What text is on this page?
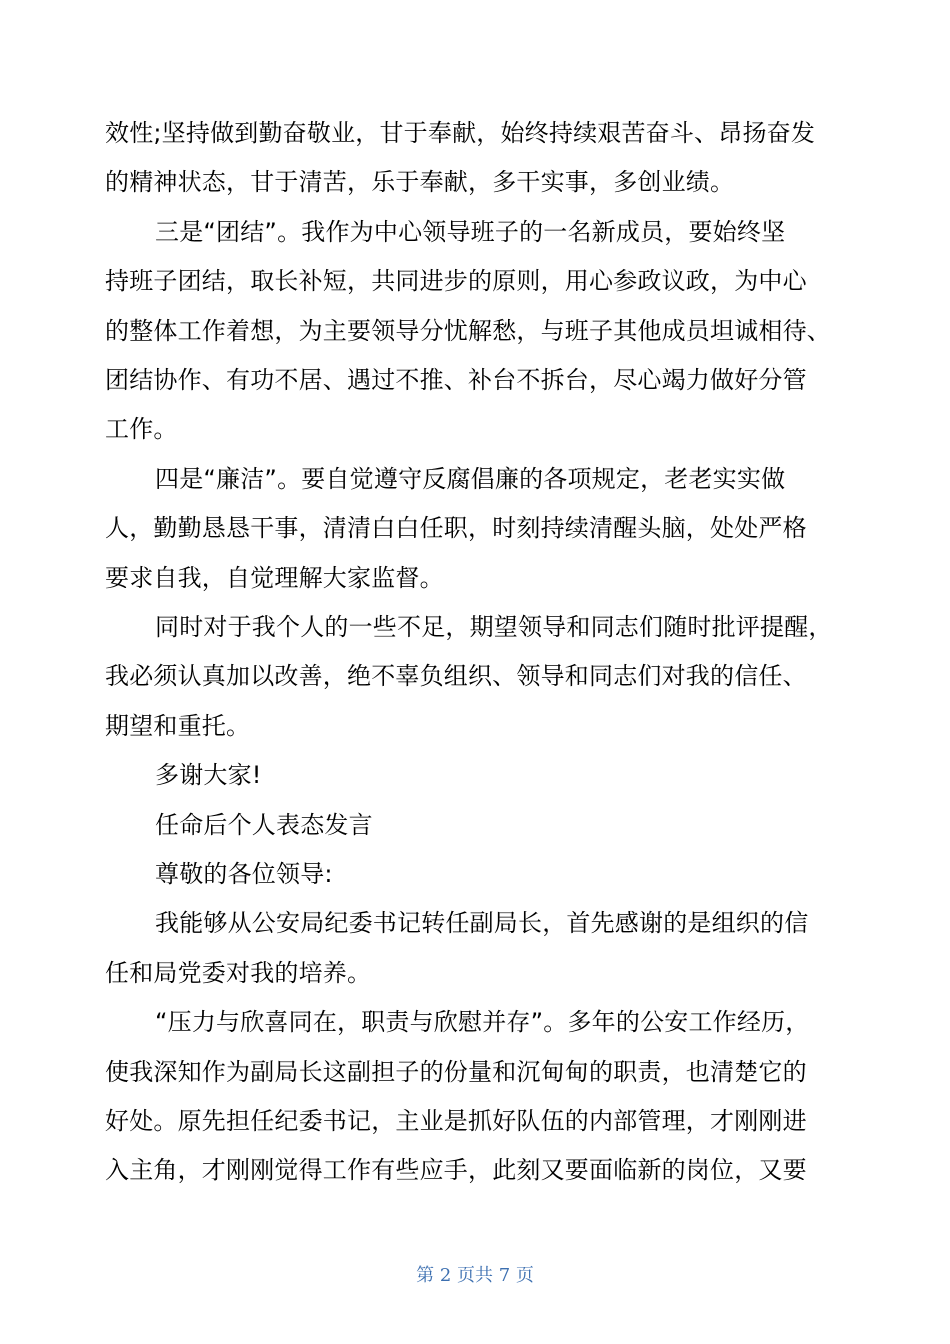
效性;坚持做到勤奋敬业，甘于奉献，始终持续艰苦奋斗、昂扬奋发
的精神状态，甘于清苦，乐于奉献，多干实事，多创业绩。
三是“团结”。我作为中心领导班子的一名新成员，要始终坚
持班子团结，取长补短，共同进步的原则，用心参政议政，为中心
的整体工作着想，为主要领导分忧解愁，与班子其他成员坦诚相待、
团结协作、有功不居、遇过不推、补台不拆台，尽心竭力做好分管
工作。
四是“廉洁”。要自觉遵守反腐倡廉的各项规定，老老实实做
人，勤勤恳恳干事，清清白白任职，时刻持续清醒头脑，处处严格
要求自我，自觉理解大家监督。
同时对于我个人的一些不足，期望领导和同志们随时批评提醒，
我必须认真加以改善，绝不辜负组织、领导和同志们对我的信任、
期望和重托。
多谢大家!
任命后个人表态发言
尊敬的各位领导:
我能够从公安局纪委书记转任副局长，首先感谢的是组织的信
任和局党委对我的培养。
“压力与欣喜同在，职责与欣慰并存”。多年的公安工作经历，
使我深知作为副局长这副担子的份量和沉甸甸的职责，也清楚它的
好处。原先担任纪委书记，主业是抓好队伍的内部管理，才刚刚进
入主角，才刚刚觉得工作有些应手，此刻又要面临新的岗位，又要
第 2 页共 7 页
